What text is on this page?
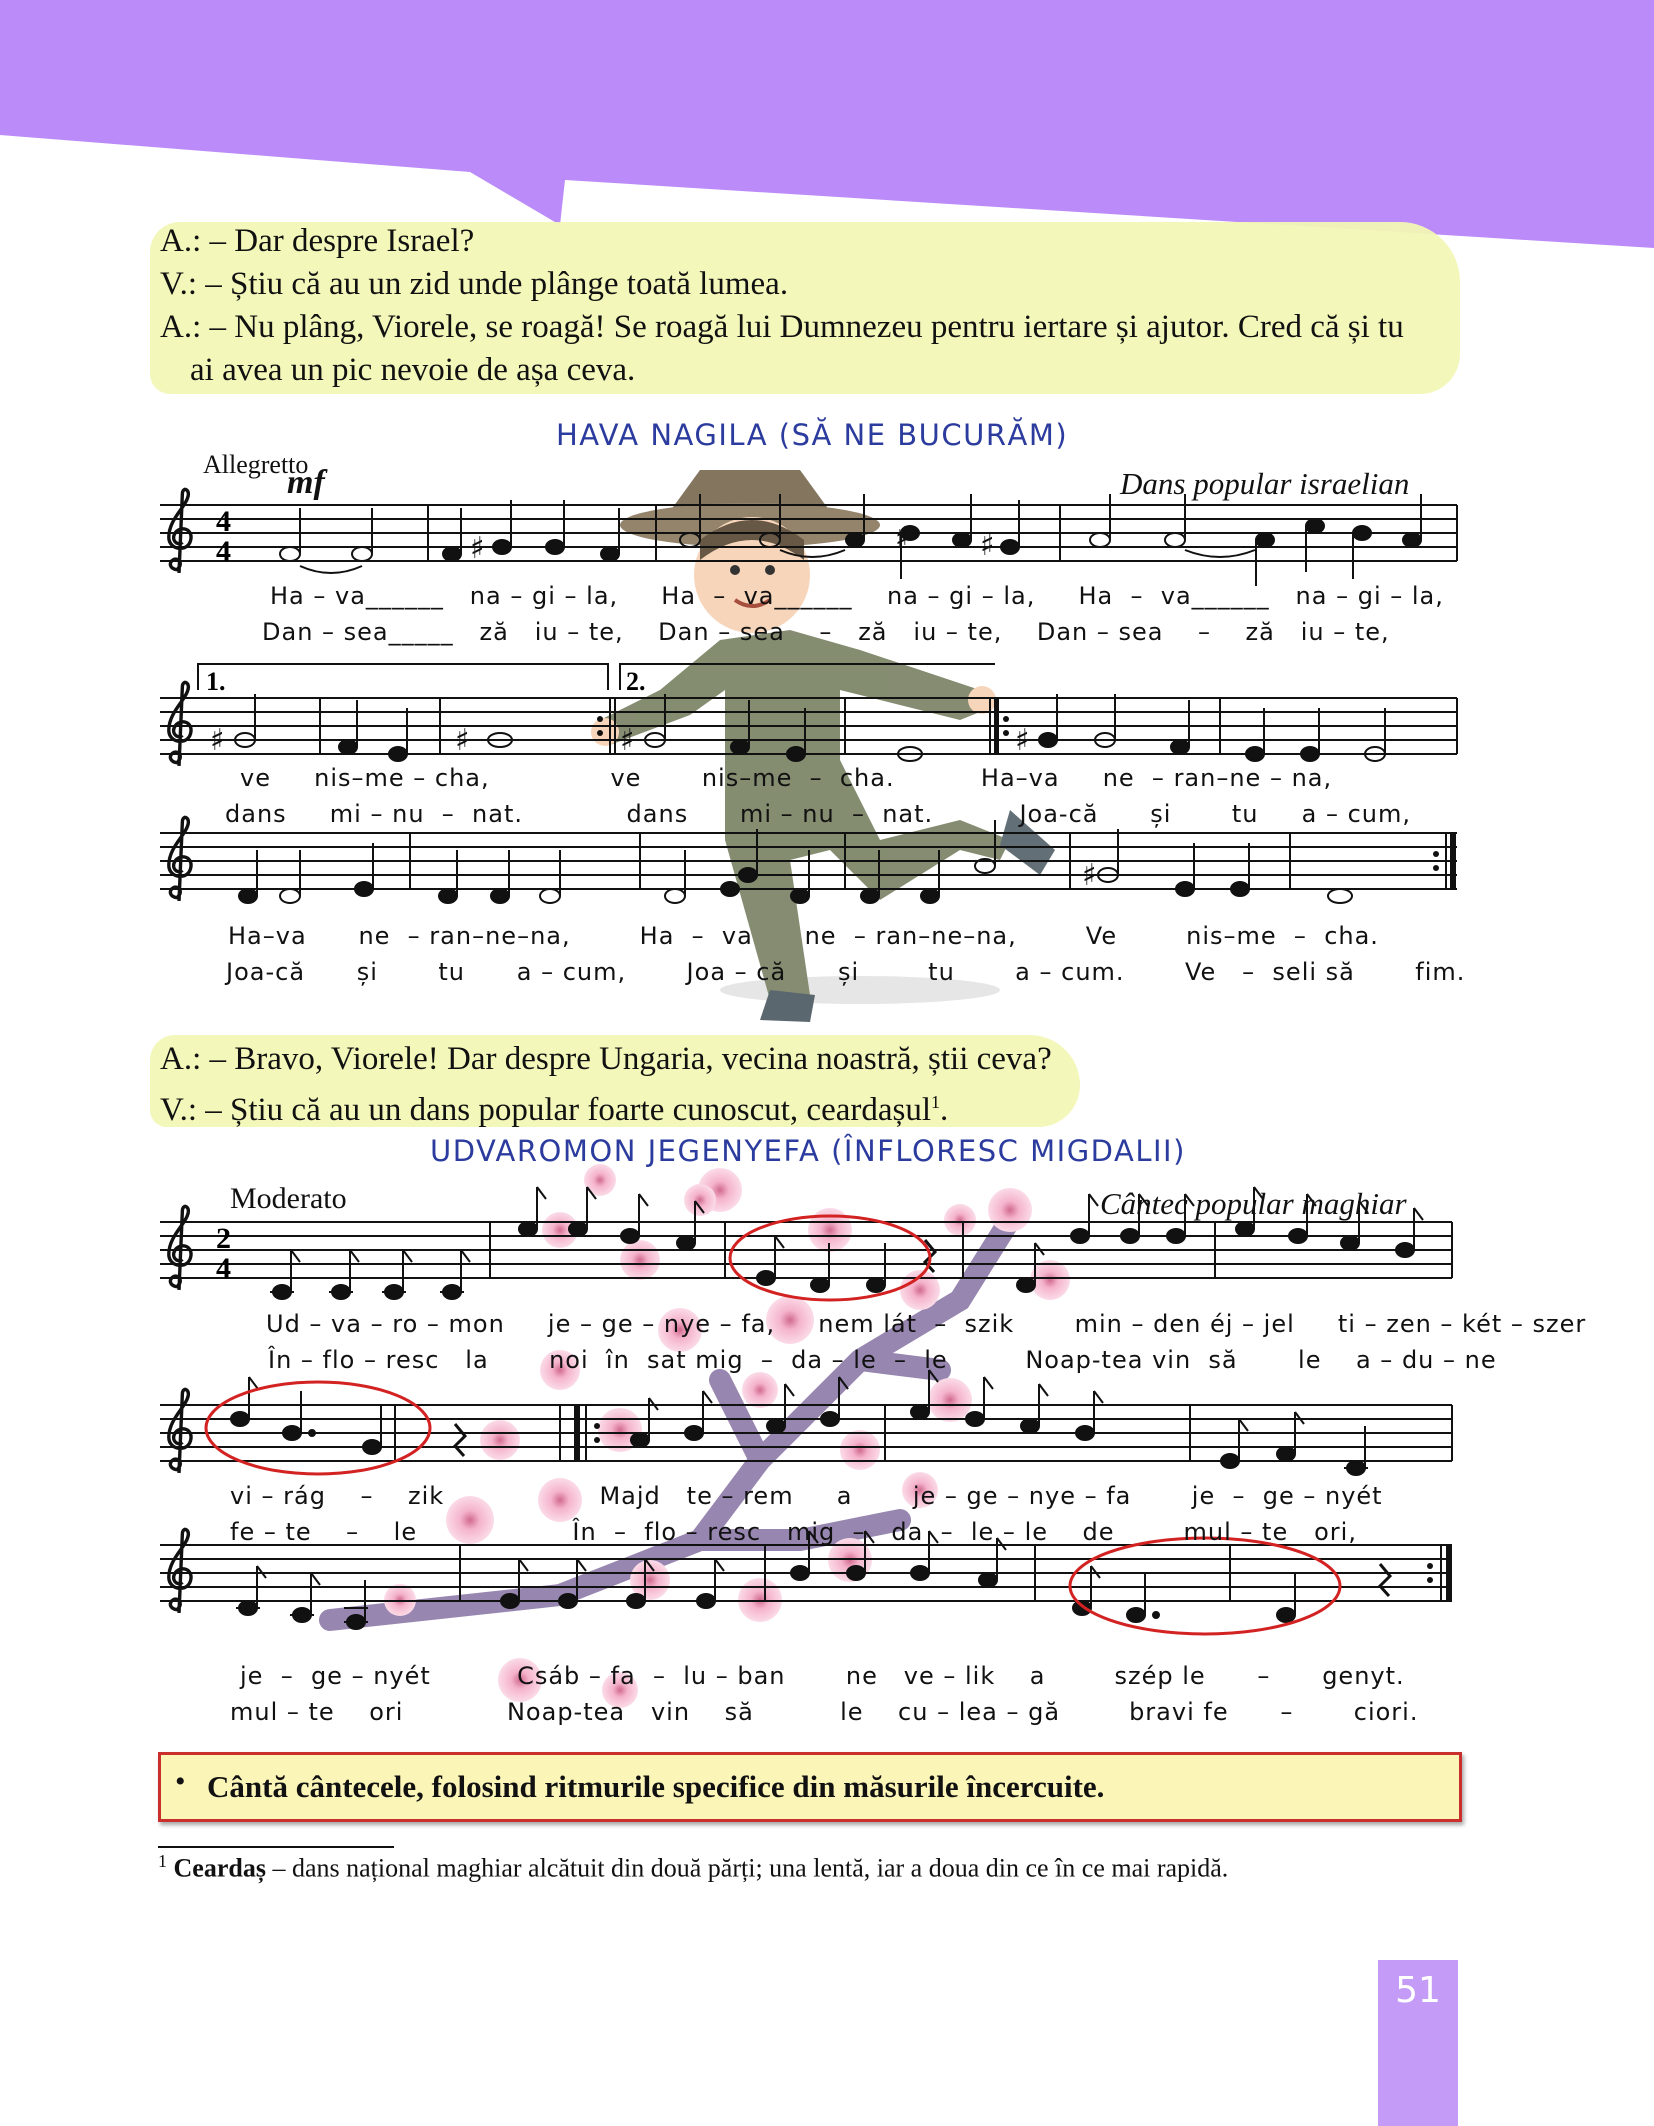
A.: – Dar despre Israel?
V.: – Știu că au un zid unde plânge toată lumea.
A.: – Nu plâng, Viorele, se roagă! Se roagă lui Dumnezeu pentru iertare și ajutor. Cred că și tu
ai avea un pic nevoie de așa ceva.
HAVA NAGILA (SĂ NE BUCURĂM)
Allegretto
Dans popular israelian
mf
4
4
1.	2.
♯	♯ ♯
♯	♯	♯	♯
♯
2
4
Ha – va______   na – gi – la,     Ha  –  va______    na – gi – la,     Ha  –  va______   na – gi – la,
Dan – sea_____   ză   iu – te,    Dan – sea    –   ză   iu – te,    Dan – sea    –    ză   iu – te,
ve     nis–me – cha,              ve       nis–me  –  cha.          Ha–va     ne  – ran–ne – na,
dans     mi – nu  –  nat.            dans      mi – nu  –  nat.          Joa-că      și       tu     a – cum,
Ha–va      ne  – ran–ne–na,        Ha  –  va      ne  – ran–ne–na,        Ve        nis–me  –  cha.
Joa-că      și       tu      a – cum,       Joa – că      și        tu       a – cum.       Ve   –  seli să       fim.
A.: – Bravo, Viorele! Dar despre Ungaria, vecina noastră, știi ceva?
V.: – Știu că au un dans popular foarte cunoscut, ceardașul$^1$.
UDVAROMON JEGENYEFA (ÎNFLORESC MIGDALII)
Moderato	Cântec popular maghiar
Ud – va – ro – mon     je – ge – nye – fa,     nem lát  –  szik       min – den éj – jel     ti – zen – két – szer
În – flo – resc   la       noi  în  sat mig  –  da – le  –  le         Noap-tea vin  să       le    a – du – ne
vi – rág    –    zik                  Majd   te – rem     a       je – ge – nye – fa       je  –  ge – nyét
fe – te    –    le                  În  –  flo – resc   mig  –   da  –  le – le    de        mul – te   ori,
je  –  ge – nyét          Csáb – fa  –  lu – ban       ne   ve – lik    a        szép le      –      genyt.
mul – te    ori            Noap-tea   vin    să          le    cu – lea – gă        bravi fe      –       ciori.
• Cântă cântecele, folosind ritmurile specifice din măsurile încercuite.
$^1$ Ceardaș – dans național maghiar alcătuit din două părți; una lentă, iar a doua din ce în ce mai rapidă.
51
